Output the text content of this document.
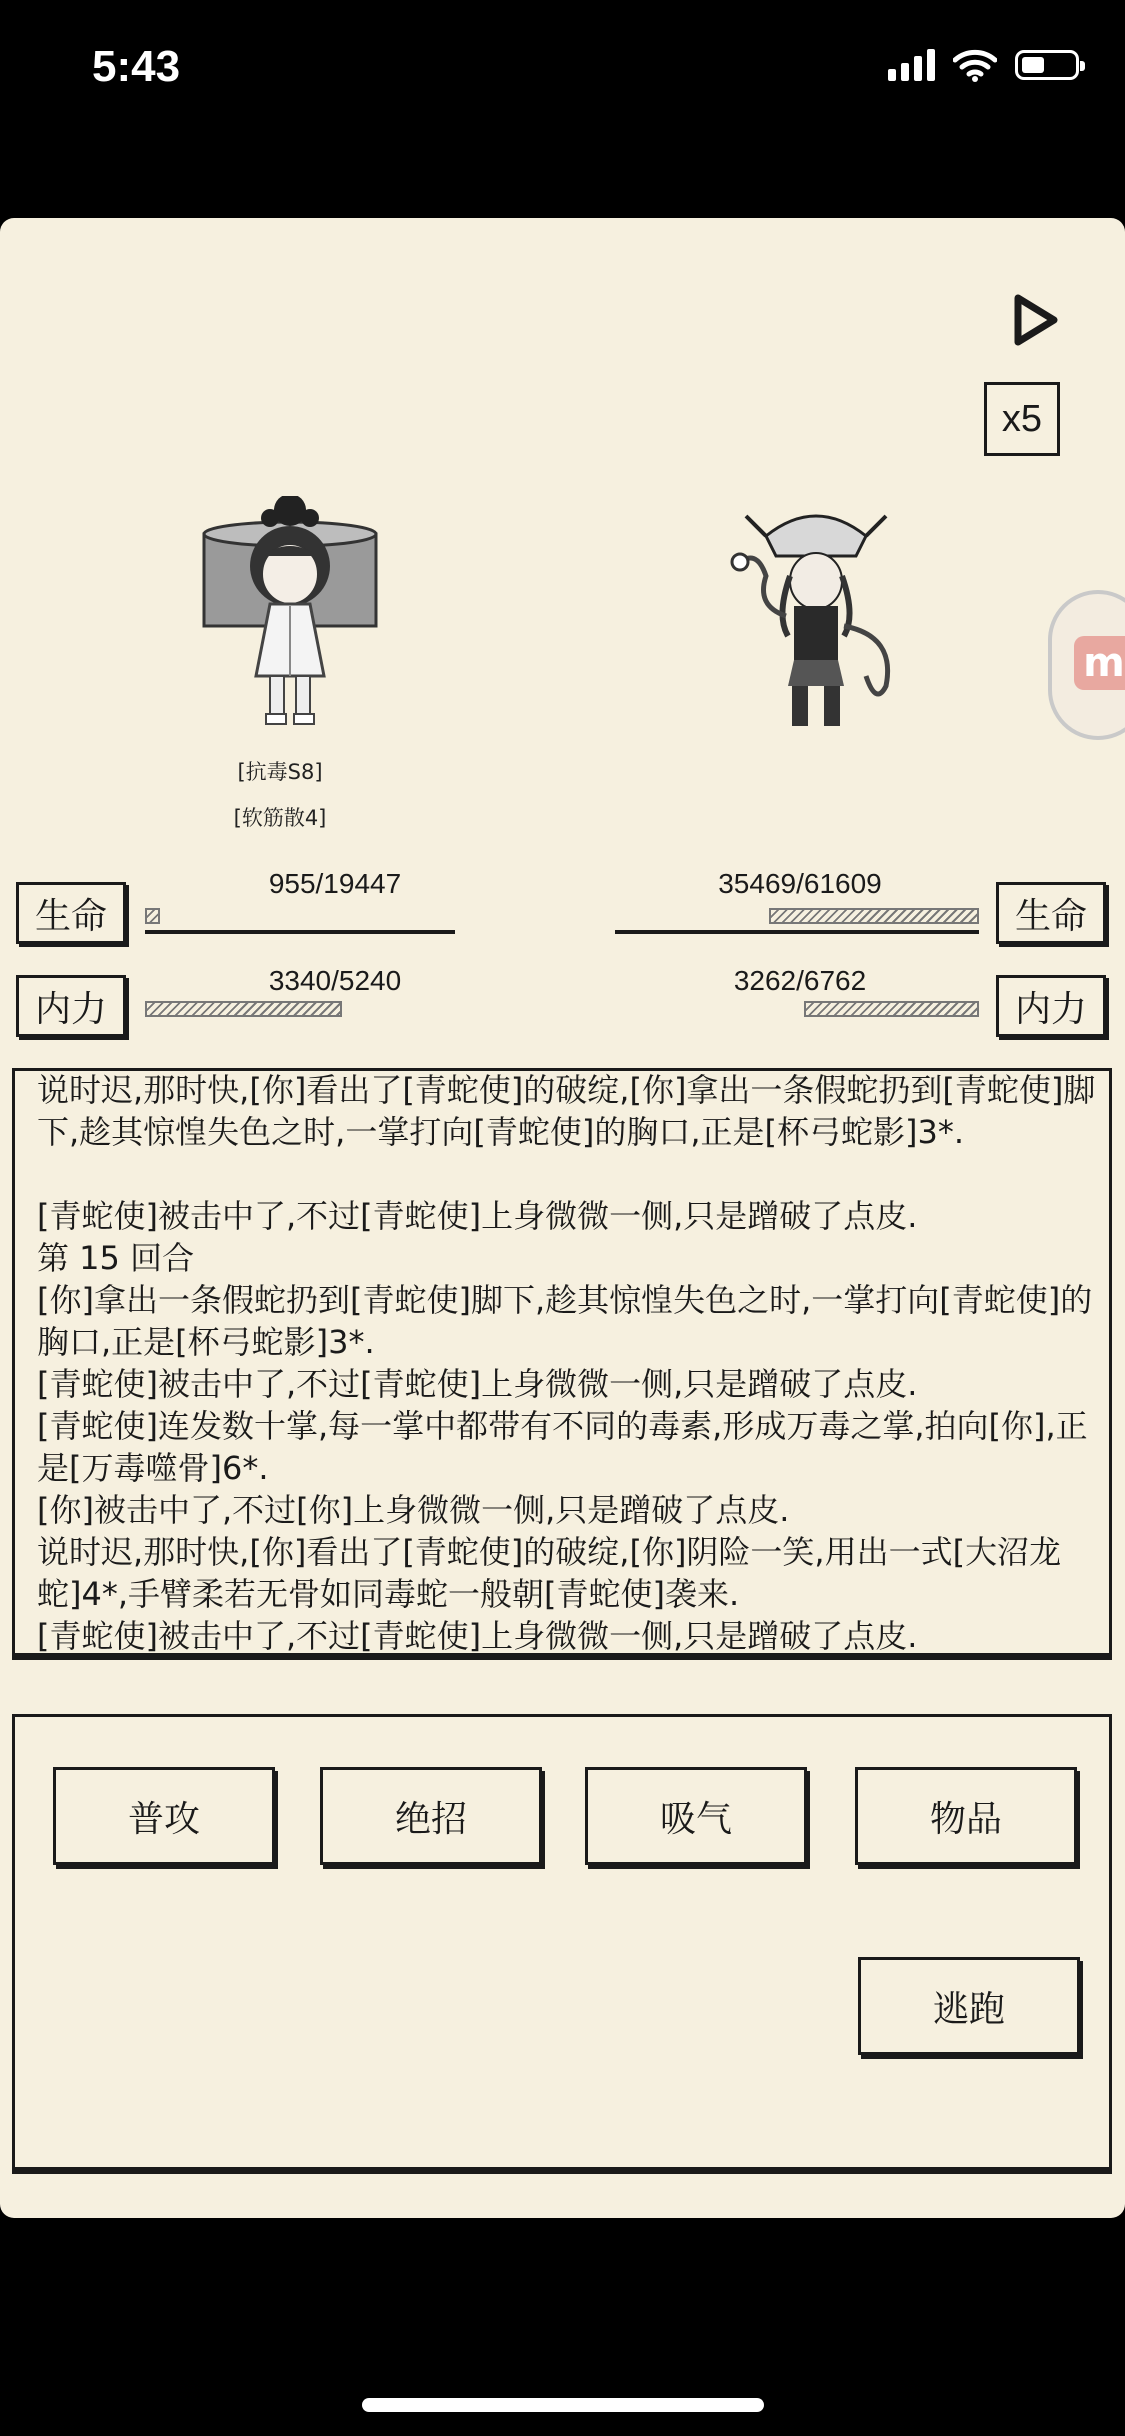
5:43
x5
m
[抗毒S8]
[软筋散4]
生命
955/19447
生命
35469/61609
内力
3340/5240
内力
3262/6762

说时迟,那时快,[你]看出了[青蛇使]的破绽,[你]拿出一条假蛇扔到[青蛇使]脚下,趁其惊惶失色之时,一掌打向[青蛇使]的胸口,正是[杯弓蛇影]3*.

[青蛇使]被击中了,不过[青蛇使]上身微微一侧,只是蹭破了点皮.

第 15 回合

[你]拿出一条假蛇扔到[青蛇使]脚下,趁其惊惶失色之时,一掌打向[青蛇使]的胸口,正是[杯弓蛇影]3*.

[青蛇使]被击中了,不过[青蛇使]上身微微一侧,只是蹭破了点皮.

[青蛇使]连发数十掌,每一掌中都带有不同的毒素,形成万毒之掌,拍向[你],正是[万毒噬骨]6*.

[你]被击中了,不过[你]上身微微一侧,只是蹭破了点皮.

说时迟,那时快,[你]看出了[青蛇使]的破绽,[你]阴险一笑,用出一式[大沼龙蛇]4*,手臂柔若无骨如同毒蛇一般朝[青蛇使]袭来.

[青蛇使]被击中了,不过[青蛇使]上身微微一侧,只是蹭破了点皮.

普攻	绝招	吸气	物品
逃跑
